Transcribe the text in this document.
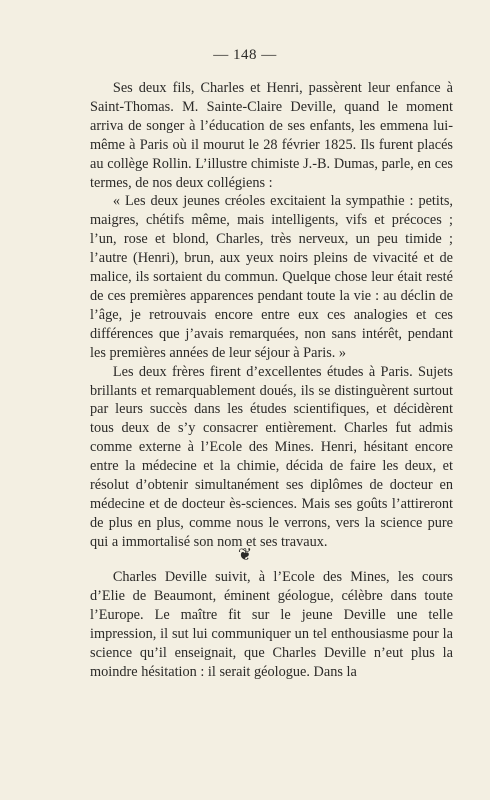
— 148 —

Ses deux fils, Charles et Henri, passèrent leur enfance à Saint-Thomas. M. Sainte-Claire Deville, quand le moment arriva de songer à l’éducation de ses enfants, les emmena lui-même à Paris où il mourut le 28 février 1825. Ils furent placés au collège Rollin. L’illustre chimiste J.-B. Dumas, parle, en ces termes, de nos deux collégiens :

« Les deux jeunes créoles excitaient la sympathie : petits, maigres, chétifs même, mais intelligents, vifs et précoces ; l’un, rose et blond, Charles, très nerveux, un peu timide ; l’autre (Henri), brun, aux yeux noirs pleins de vivacité et de malice, ils sortaient du commun. Quelque chose leur était resté de ces premières apparences pendant toute la vie : au déclin de l’âge, je retrouvais encore entre eux ces analogies et ces différences que j’avais remarquées, non sans intérêt, pendant les premières années de leur séjour à Paris. »

Les deux frères firent d’excellentes études à Paris. Sujets brillants et remarquablement doués, ils se distinguèrent surtout par leurs succès dans les études scientifiques, et décidèrent tous deux de s’y consacrer entièrement. Charles fut admis comme externe à l’Ecole des Mines. Henri, hésitant encore entre la médecine et la chimie, décida de faire les deux, et résolut d’obtenir simultanément ses diplômes de docteur en médecine et de docteur ès-sciences. Mais ses goûts l’attireront de plus en plus, comme nous le verrons, vers la science pure qui a immortalisé son nom et ses travaux.

❦

Charles Deville suivit, à l’Ecole des Mines, les cours d’Elie de Beaumont, éminent géologue, célèbre dans toute l’Europe. Le maître fit sur le jeune Deville une telle impression, il sut lui communiquer un tel enthousiasme pour la science qu’il enseignait, que Charles Deville n’eut plus la moindre hésitation : il serait géologue. Dans la
